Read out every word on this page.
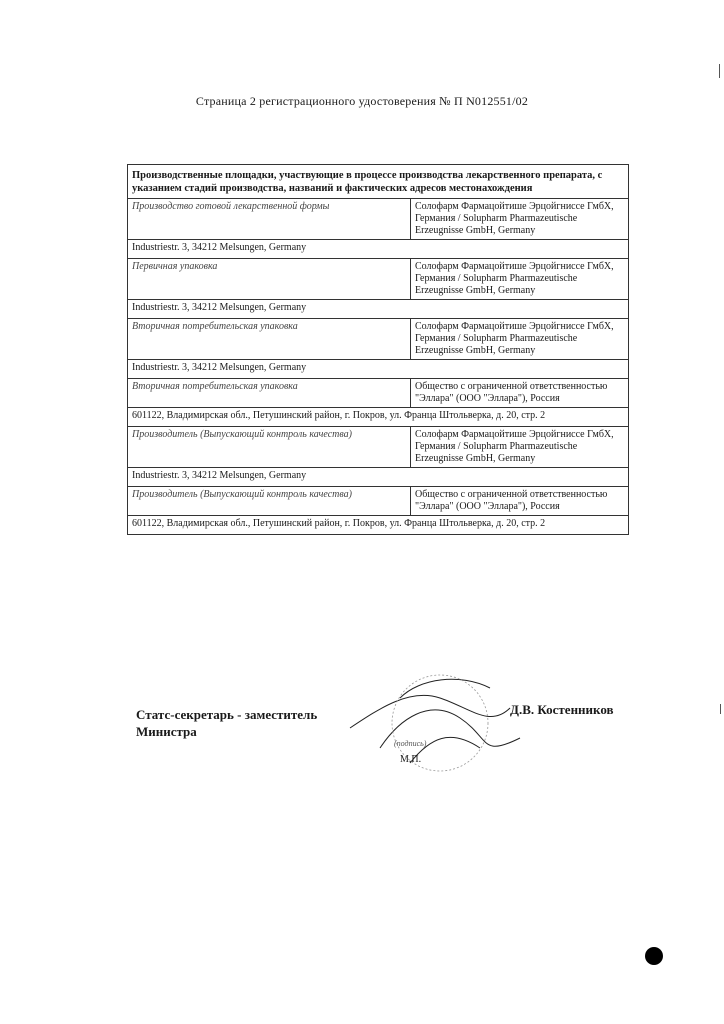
Страница 2 регистрационного удостоверения № П N012551/02
Производственные площадки, участвующие в процессе производства лекарственного препарата, с указанием стадий производства, названий и фактических адресов местонахождения	
Производство готовой лекарственной формы	Солофарм Фармацойтише Эрцойгниссе ГмбХ, Германия / Solupharm Pharmazeutische Erzeugnisse GmbH, Germany
Industriestr. 3, 34212 Melsungen, Germany	
Первичная упаковка	Солофарм Фармацойтише Эрцойгниссе ГмбХ, Германия / Solupharm Pharmazeutische Erzeugnisse GmbH, Germany
Industriestr. 3, 34212 Melsungen, Germany	
Вторичная потребительская упаковка	Солофарм Фармацойтише Эрцойгниссе ГмбХ, Германия / Solupharm Pharmazeutische Erzeugnisse GmbH, Germany
Industriestr. 3, 34212 Melsungen, Germany	
Вторичная потребительская упаковка	Общество с ограниченной ответственностью "Эллара" (ООО "Эллара"), Россия
601122, Владимирская обл., Петушинский район, г. Покров, ул. Франца Штольверка, д. 20, стр. 2	
Производитель (Выпускающий контроль качества)	Солофарм Фармацойтише Эрцойгниссе ГмбХ, Германия / Solupharm Pharmazeutische Erzeugnisse GmbH, Germany
Industriestr. 3, 34212 Melsungen, Germany	
Производитель (Выпускающий контроль качества)	Общество с ограниченной ответственностью "Эллара" (ООО "Эллара"), Россия
601122, Владимирская обл., Петушинский район, г. Покров, ул. Франца Штольверка, д. 20, стр. 2	
Статс-секретарь - заместитель
Министра
Д.В. Костенников
(подпись)
М.П.
